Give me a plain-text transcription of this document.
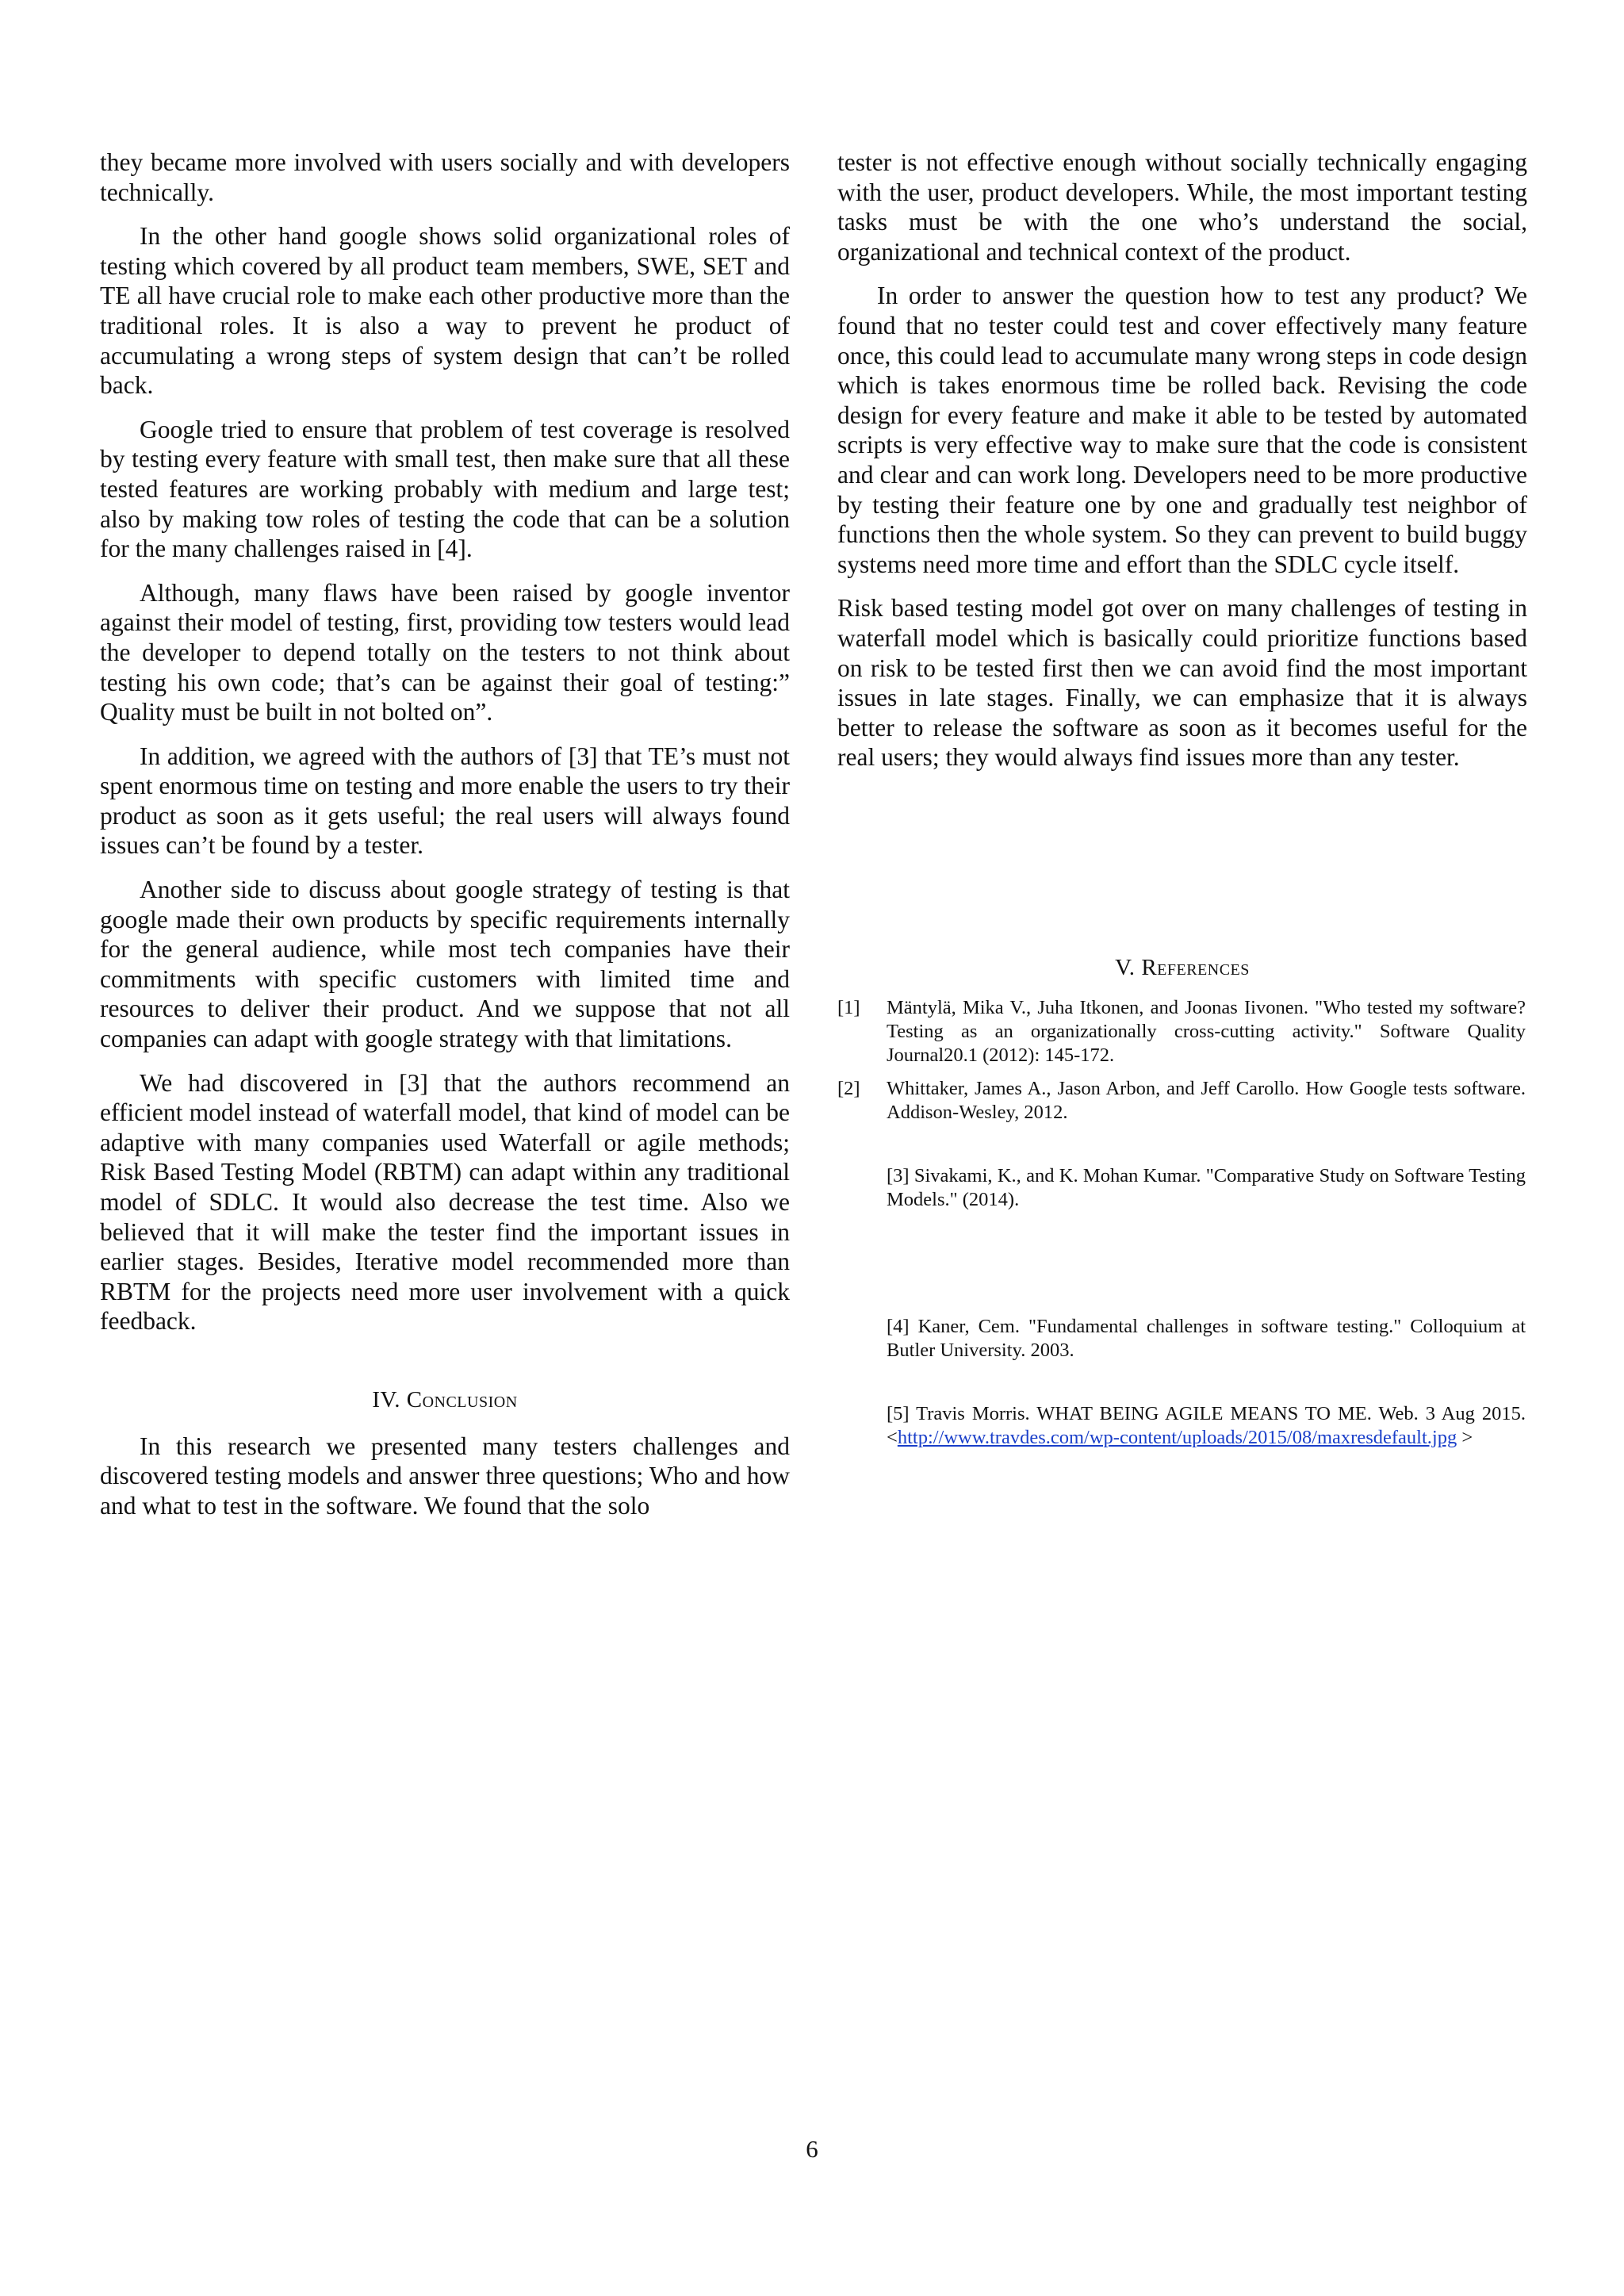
they became more involved with users socially and with developers technically.

In the other hand google shows solid organizational roles of testing which covered by all product team members, SWE, SET and TE all have crucial role to make each other productive more than the traditional roles. It is also a way to prevent he product of accumulating a wrong steps of system design that can’t be rolled back.

Google tried to ensure that problem of test coverage is resolved by testing every feature with small test, then make sure that all these tested features are working probably with medium and large test; also by making tow roles of testing the code that can be a solution for the many challenges raised in [4].

Although, many flaws have been raised by google inventor against their model of testing, first, providing tow testers would lead the developer to depend totally on the testers to not think about testing his own code; that’s can be against their goal of testing:” Quality must be built in not bolted on”.

In addition, we agreed with the authors of [3] that TE’s must not spent enormous time on testing and more enable the users to try their product as soon as it gets useful; the real users will always found issues can’t be found by a tester.

Another side to discuss about google strategy of testing is that google made their own products by specific requirements internally for the general audience, while most tech companies have their commitments with specific customers with limited time and resources to deliver their product. And we suppose that not all companies can adapt with google strategy with that limitations.

We had discovered in [3] that the authors recommend an efficient model instead of waterfall model, that kind of model can be adaptive with many companies used Waterfall or agile methods; Risk Based Testing Model (RBTM) can adapt within any traditional model of SDLC. It would also decrease the test time. Also we believed that it will make the tester find the important issues in earlier stages. Besides, Iterative model recommended more than RBTM for the projects need more user involvement with a quick feedback.

IV. Conclusion

In this research we presented many testers challenges and discovered testing models and answer three questions; Who and how and what to test in the software. We found that the solo

tester is not effective enough without socially technically engaging with the user, product developers. While, the most important testing tasks must be with the one who’s understand the social, organizational and technical context of the product.

In order to answer the question how to test any product? We found that no tester could test and cover effectively many feature once, this could lead to accumulate many wrong steps in code design which is takes enormous time be rolled back. Revising the code design for every feature and make it able to be tested by automated scripts is very effective way to make sure that the code is consistent and clear and can work long. Developers need to be more productive by testing their feature one by one and gradually test neighbor of functions then the whole system. So they can prevent to build buggy systems need more time and effort than the SDLC cycle itself.

Risk based testing model got over on many challenges of testing in waterfall model which is basically could prioritize functions based on risk to be tested first then we can avoid find the most important issues in late stages. Finally, we can emphasize that it is always better to release the software as soon as it becomes useful for the real users; they would always find issues more than any tester.

V. References
[1] Mäntylä, Mika V., Juha Itkonen, and Joonas Iivonen. "Who tested my software? Testing as an organizationally cross-cutting activity." Software Quality Journal20.1 (2012): 145-172.
[2] Whittaker, James A., Jason Arbon, and Jeff Carollo. How Google tests software. Addison-Wesley, 2012.
[3] Sivakami, K., and K. Mohan Kumar. "Comparative Study on Software Testing Models." (2014).
[4] Kaner, Cem. "Fundamental challenges in software testing." Colloquium at Butler University. 2003.
[5] Travis Morris. WHAT BEING AGILE MEANS TO ME. Web. 3 Aug 2015.<http://www.travdes.com/wp-content/uploads/2015/08/maxresdefault.jpg >
6
